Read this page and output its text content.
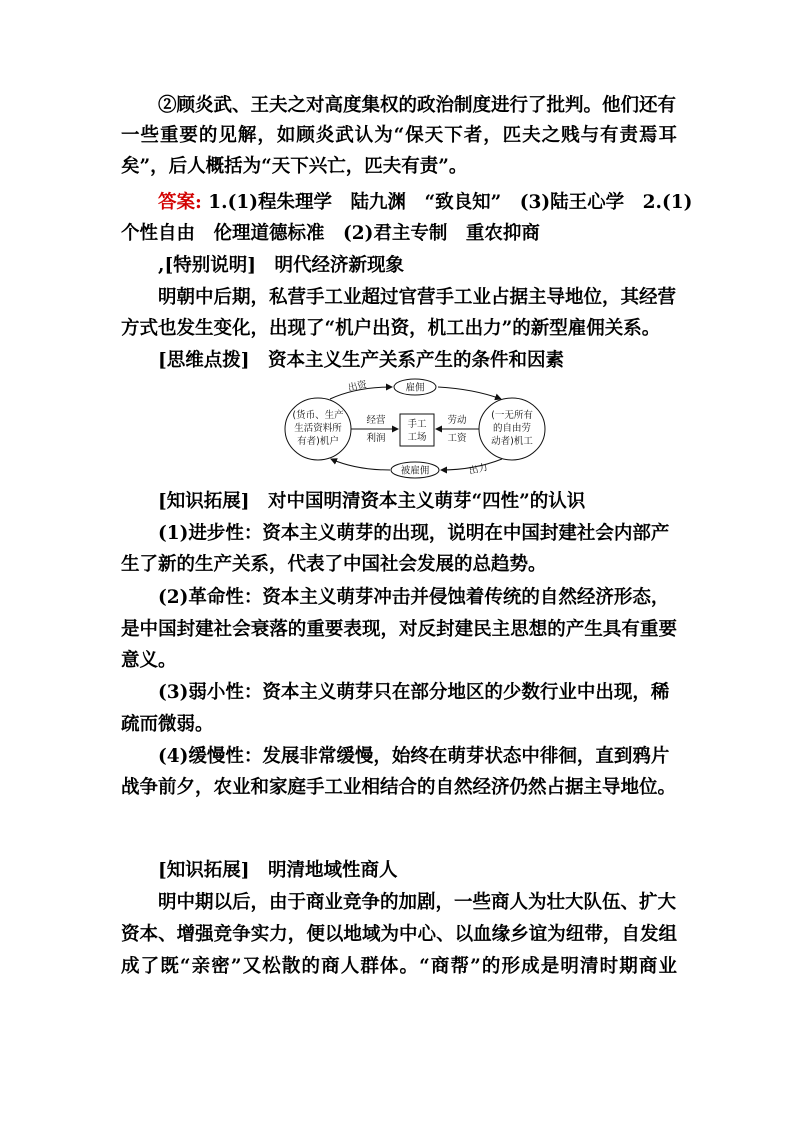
②顾炎武、王夫之对高度集权的政治制度进行了批判。他们还有
一些重要的见解，如顾炎武认为“保天下者，匹夫之贱与有责焉耳
矣”，后人概括为“天下兴亡，匹夫有责”。
答案: 1.(1)程朱理学　陆九渊　“致良知”　(3)陆王心学　2.(1)
个性自由　伦理道德标准　(2)君主专制　重农抑商
,[特别说明]　明代经济新现象
明朝中后期，私营手工业超过官营手工业占据主导地位，其经营
方式也发生变化，出现了“机户出资，机工出力”的新型雇佣关系。
[思维点拨]　资本主义生产关系产生的条件和因素
雇佣
被雇佣
出资
出力
(货币、生产
生活资料所
有者)机户
(一无所有
的自由劳
动者)机工
手工
工场
经营
利润
劳动
工资
[知识拓展]　对中国明清资本主义萌芽“四性”的认识
(1)进步性：资本主义萌芽的出现，说明在中国封建社会内部产
生了新的生产关系，代表了中国社会发展的总趋势。
(2)革命性：资本主义萌芽冲击并侵蚀着传统的自然经济形态，
是中国封建社会衰落的重要表现，对反封建民主思想的产生具有重要
意义。
(3)弱小性：资本主义萌芽只在部分地区的少数行业中出现，稀
疏而微弱。
(4)缓慢性：发展非常缓慢，始终在萌芽状态中徘徊，直到鸦片
战争前夕，农业和家庭手工业相结合的自然经济仍然占据主导地位。
[知识拓展]　明清地域性商人
明中期以后，由于商业竞争的加剧，一些商人为壮大队伍、扩大
资本、增强竞争实力，便以地域为中心、以血缘乡谊为纽带，自发组
成了既“亲密”又松散的商人群体。“商帮”的形成是明清时期商业
